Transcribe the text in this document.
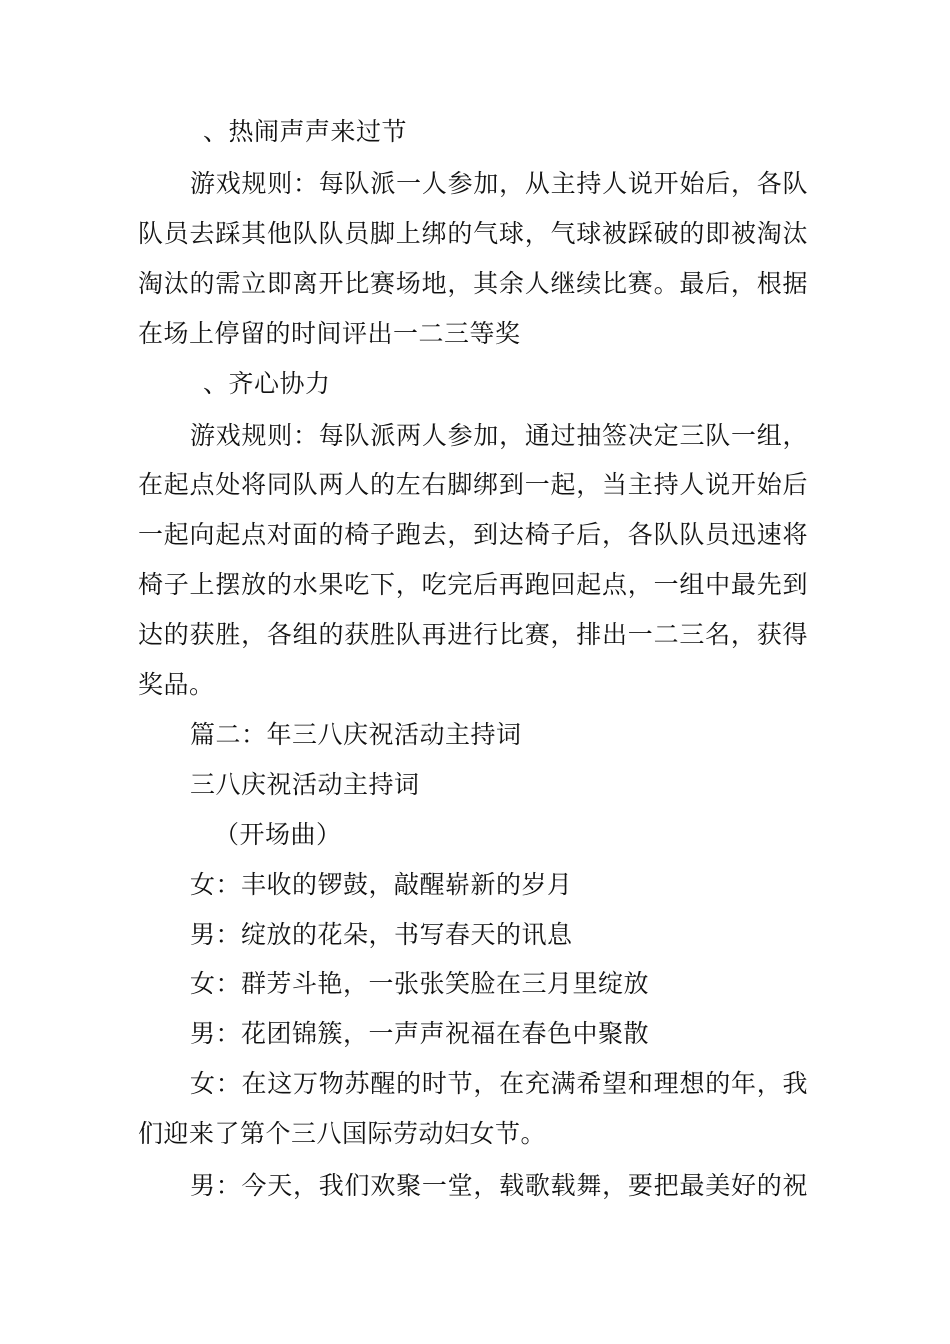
、热闹声声来过节
游戏规则：每队派一人参加，从主持人说开始后，各队
队员去踩其他队队员脚上绑的气球，气球被踩破的即被淘汰
淘汰的需立即离开比赛场地，其余人继续比赛。最后，根据
在场上停留的时间评出一二三等奖
、齐心协力
游戏规则：每队派两人参加，通过抽签决定三队一组，
在起点处将同队两人的左右脚绑到一起，当主持人说开始后
一起向起点对面的椅子跑去，到达椅子后，各队队员迅速将
椅子上摆放的水果吃下，吃完后再跑回起点，一组中最先到
达的获胜，各组的获胜队再进行比赛，排出一二三名，获得
奖品。
篇二：年三八庆祝活动主持词
三八庆祝活动主持词
（开场曲）
女：丰收的锣鼓，敲醒崭新的岁月
男：绽放的花朵，书写春天的讯息
女：群芳斗艳，一张张笑脸在三月里绽放
男：花团锦簇，一声声祝福在春色中聚散
女：在这万物苏醒的时节，在充满希望和理想的年，我
们迎来了第个三八国际劳动妇女节。
男：今天，我们欢聚一堂，载歌载舞，要把最美好的祝
